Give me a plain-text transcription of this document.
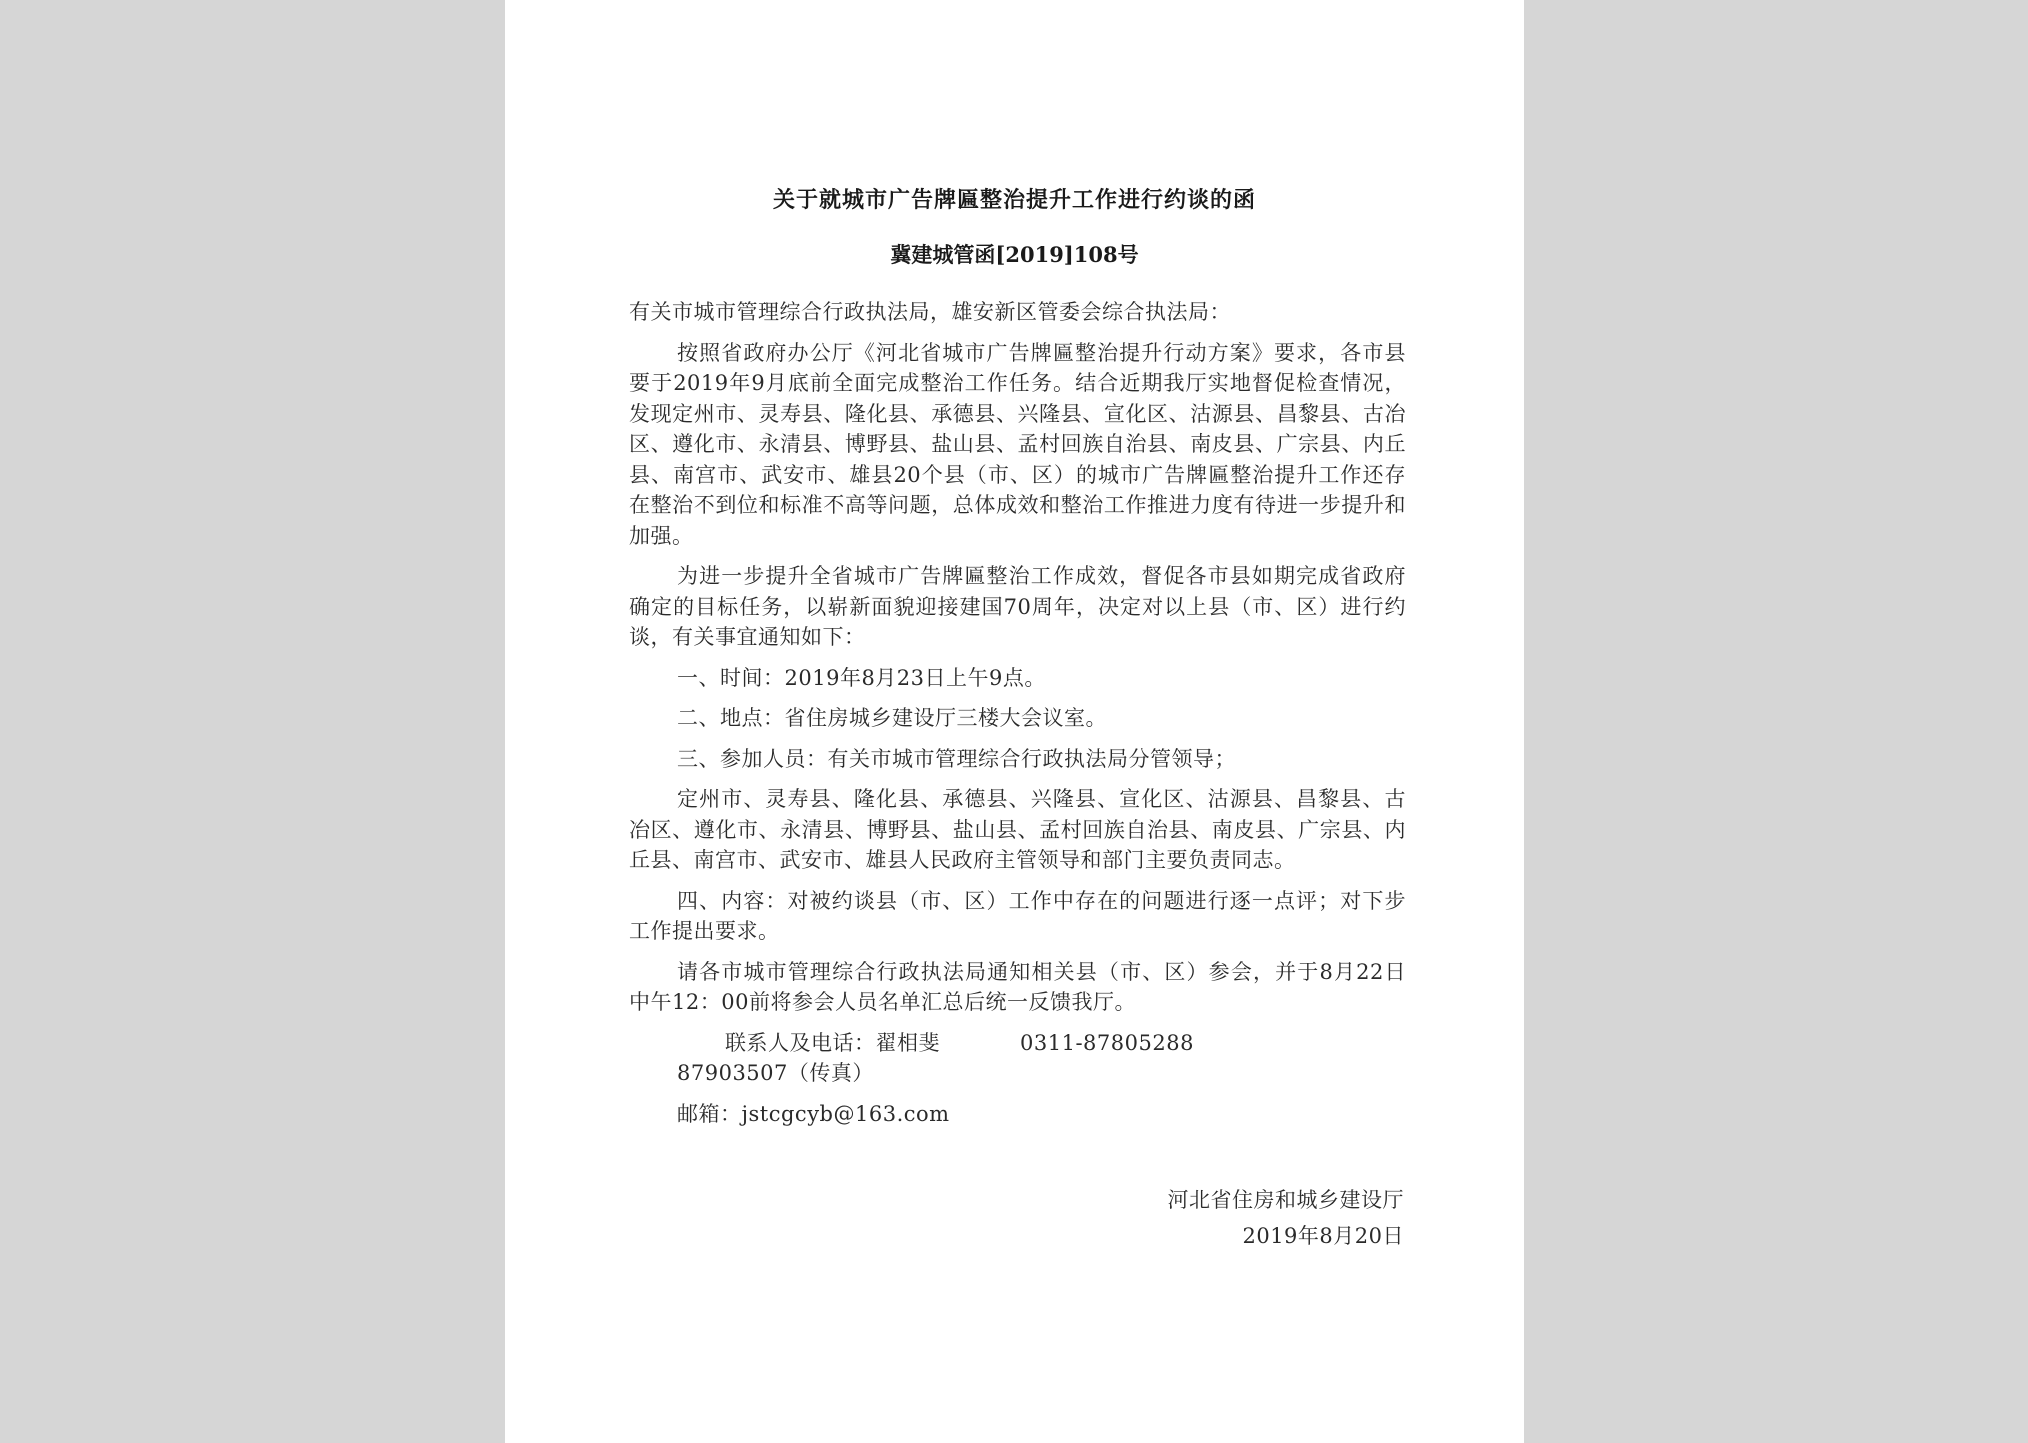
关于就城市广告牌匾整治提升工作进行约谈的函
冀建城管函[2019]108号

有关市城市管理综合行政执法局，雄安新区管委会综合执法局：

按照省政府办公厅《河北省城市广告牌匾整治提升行动方案》要求，各市县要于2019年9月底前全面完成整治工作任务。结合近期我厅实地督促检查情况，发现定州市、灵寿县、隆化县、承德县、兴隆县、宣化区、沽源县、昌黎县、古冶区、遵化市、永清县、博野县、盐山县、孟村回族自治县、南皮县、广宗县、内丘县、南宫市、武安市、雄县20个县（市、区）的城市广告牌匾整治提升工作还存在整治不到位和标准不高等问题，总体成效和整治工作推进力度有待进一步提升和加强。

为进一步提升全省城市广告牌匾整治工作成效，督促各市县如期完成省政府确定的目标任务，以崭新面貌迎接建国70周年，决定对以上县（市、区）进行约谈，有关事宜通知如下：

一、时间：2019年8月23日上午9点。

二、地点：省住房城乡建设厅三楼大会议室。

三、参加人员：有关市城市管理综合行政执法局分管领导；

定州市、灵寿县、隆化县、承德县、兴隆县、宣化区、沽源县、昌黎县、古冶区、遵化市、永清县、博野县、盐山县、孟村回族自治县、南皮县、广宗县、内丘县、南宫市、武安市、雄县人民政府主管领导和部门主要负责同志。

四、内容：对被约谈县（市、区）工作中存在的问题进行逐一点评；对下步工作提出要求。

请各市城市管理综合行政执法局通知相关县（市、区）参会，并于8月22日中午12：00前将参会人员名单汇总后统一反馈我厅。

联系人及电话：翟相斐	0311-8780528887903507（传真）

邮箱：jstcgcyb@163.com

河北省住房和城乡建设厅
2019年8月20日
